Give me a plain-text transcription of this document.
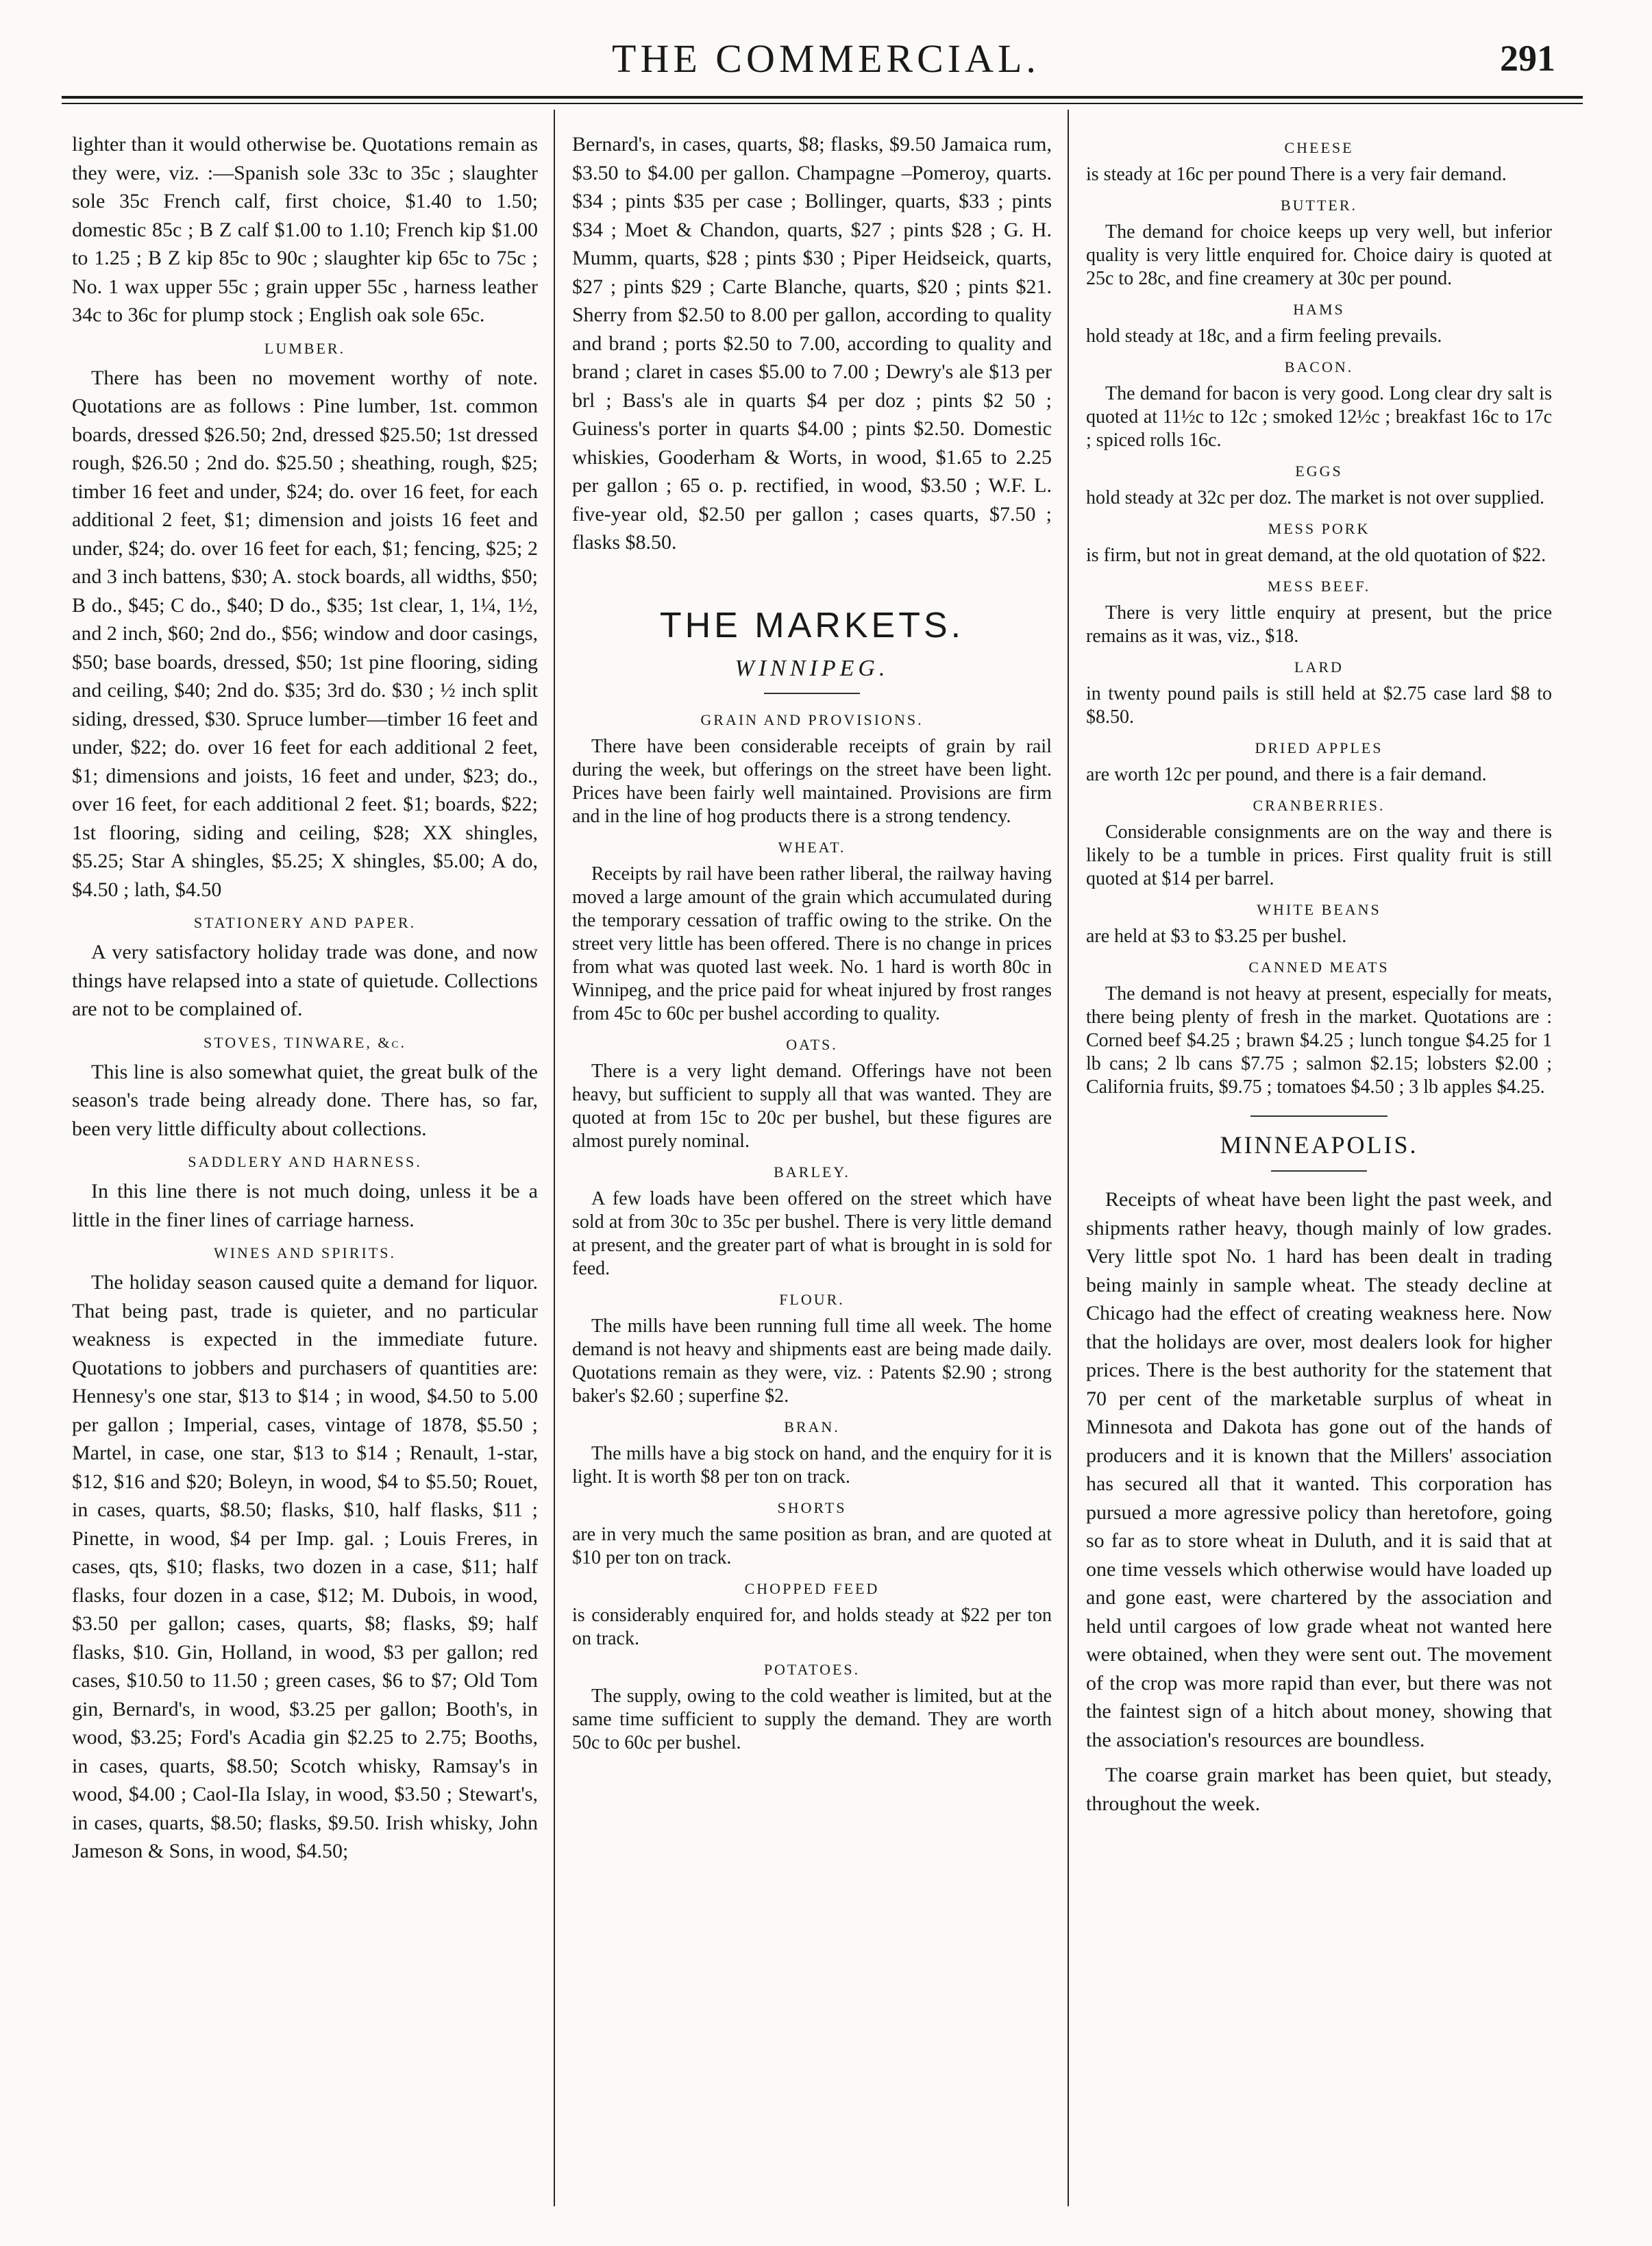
THE COMMERCIAL.	291

lighter than it would otherwise be. Quotations remain as they were, viz. :—Spanish sole 33c to 35c ; slaughter sole 35c French calf, first choice, $1.40 to 1.50; domestic 85c ; B Z calf $1.00 to 1.10; French kip $1.00 to 1.25 ; B Z kip 85c to 90c ; slaughter kip 65c to 75c ; No. 1 wax upper 55c ; grain upper 55c , harness leather 34c to 36c for plump stock ; English oak sole 65c.

LUMBER.

There has been no movement worthy of note. Quotations are as follows : Pine lumber, 1st. common boards, dressed $26.50; 2nd, dressed $25.50; 1st dressed rough, $26.50 ; 2nd do. $25.50 ; sheathing, rough, $25; timber 16 feet and under, $24; do. over 16 feet, for each additional 2 feet, $1; dimension and joists 16 feet and under, $24; do. over 16 feet for each, $1; fencing, $25; 2 and 3 inch battens, $30; A. stock boards, all widths, $50; B do., $45; C do., $40; D do., $35; 1st clear, 1, 1¼, 1½, and 2 inch, $60; 2nd do., $56; window and door casings, $50; base boards, dressed, $50; 1st pine flooring, siding and ceiling, $40; 2nd do. $35; 3rd do. $30 ; ½ inch split siding, dressed, $30. Spruce lumber—timber 16 feet and under, $22; do. over 16 feet for each additional 2 feet, $1; dimensions and joists, 16 feet and under, $23; do., over 16 feet, for each additional 2 feet. $1; boards, $22; 1st flooring, siding and ceiling, $28; XX shingles, $5.25; Star A shingles, $5.25; X shingles, $5.00; A do, $4.50 ; lath, $4.50

STATIONERY AND PAPER.

A very satisfactory holiday trade was done, and now things have relapsed into a state of quietude. Collections are not to be complained of.

STOVES, TINWARE, &c.

This line is also somewhat quiet, the great bulk of the season's trade being already done. There has, so far, been very little difficulty about collections.

SADDLERY AND HARNESS.

In this line there is not much doing, unless it be a little in the finer lines of carriage harness.

WINES AND SPIRITS.

The holiday season caused quite a demand for liquor. That being past, trade is quieter, and no particular weakness is expected in the immediate future. Quotations to jobbers and purchasers of quantities are: Hennesy's one star, $13 to $14 ; in wood, $4.50 to 5.00 per gallon ; Imperial, cases, vintage of 1878, $5.50 ; Martel, in case, one star, $13 to $14 ; Renault, 1-star, $12, $16 and $20; Boleyn, in wood, $4 to $5.50; Rouet, in cases, quarts, $8.50; flasks, $10, half flasks, $11 ; Pinette, in wood, $4 per Imp. gal. ; Louis Freres, in cases, qts, $10; flasks, two dozen in a case, $11; half flasks, four dozen in a case, $12; M. Dubois, in wood, $3.50 per gallon; cases, quarts, $8; flasks, $9; half flasks, $10. Gin, Holland, in wood, $3 per gallon; red cases, $10.50 to 11.50 ; green cases, $6 to $7; Old Tom gin, Bernard's, in wood, $3.25 per gallon; Booth's, in wood, $3.25; Ford's Acadia gin $2.25 to 2.75; Booths, in cases, quarts, $8.50; Scotch whisky, Ramsay's in wood, $4.00 ; Caol-Ila Islay, in wood, $3.50 ; Stewart's, in cases, quarts, $8.50; flasks, $9.50. Irish whisky, John Jameson & Sons, in wood, $4.50;

Bernard's, in cases, quarts, $8; flasks, $9.50 Jamaica rum, $3.50 to $4.00 per gallon. Champagne –Pomeroy, quarts. $34 ; pints $35 per case ; Bollinger, quarts, $33 ; pints $34 ; Moet & Chandon, quarts, $27 ; pints $28 ; G. H. Mumm, quarts, $28 ; pints $30 ; Piper Heidseick, quarts, $27 ; pints $29 ; Carte Blanche, quarts, $20 ; pints $21. Sherry from $2.50 to 8.00 per gallon, according to quality and brand ; ports $2.50 to 7.00, according to quality and brand ; claret in cases $5.00 to 7.00 ; Dewry's ale $13 per brl ; Bass's ale in quarts $4 per doz ; pints $2 50 ; Guiness's porter in quarts $4.00 ; pints $2.50. Domestic whiskies, Gooderham & Worts, in wood, $1.65 to 2.25 per gallon ; 65 o. p. rectified, in wood, $3.50 ; W.F. L. five-year old, $2.50 per gallon ; cases quarts, $7.50 ; flasks $8.50.

THE MARKETS.
WINNIPEG.
GRAIN AND PROVISIONS.

There have been considerable receipts of grain by rail during the week, but offerings on the street have been light. Prices have been fairly well maintained. Provisions are firm and in the line of hog products there is a strong tendency.

WHEAT.

Receipts by rail have been rather liberal, the railway having moved a large amount of the grain which accumulated during the temporary cessation of traffic owing to the strike. On the street very little has been offered. There is no change in prices from what was quoted last week. No. 1 hard is worth 80c in Winnipeg, and the price paid for wheat injured by frost ranges from 45c to 60c per bushel according to quality.

OATS.

There is a very light demand. Offerings have not been heavy, but sufficient to supply all that was wanted. They are quoted at from 15c to 20c per bushel, but these figures are almost purely nominal.

BARLEY.

A few loads have been offered on the street which have sold at from 30c to 35c per bushel. There is very little demand at present, and the greater part of what is brought in is sold for feed.

FLOUR.

The mills have been running full time all week. The home demand is not heavy and shipments east are being made daily. Quotations remain as they were, viz. : Patents $2.90 ; strong baker's $2.60 ; superfine $2.

BRAN.

The mills have a big stock on hand, and the enquiry for it is light. It is worth $8 per ton on track.

SHORTS

are in very much the same position as bran, and are quoted at $10 per ton on track.

CHOPPED FEED

is considerably enquired for, and holds steady at $22 per ton on track.

POTATOES.

The supply, owing to the cold weather is limited, but at the same time sufficient to supply the demand. They are worth 50c to 60c per bushel.

CHEESE

is steady at 16c per pound There is a very fair demand.

BUTTER.

The demand for choice keeps up very well, but inferior quality is very little enquired for. Choice dairy is quoted at 25c to 28c, and fine creamery at 30c per pound.

HAMS

hold steady at 18c, and a firm feeling prevails.

BACON.

The demand for bacon is very good. Long clear dry salt is quoted at 11½c to 12c ; smoked 12½c ; breakfast 16c to 17c ; spiced rolls 16c.

EGGS

hold steady at 32c per doz. The market is not over supplied.

MESS PORK

is firm, but not in great demand, at the old quotation of $22.

MESS BEEF.

There is very little enquiry at present, but the price remains as it was, viz., $18.

LARD

in twenty pound pails is still held at $2.75 case lard $8 to $8.50.

DRIED APPLES

are worth 12c per pound, and there is a fair demand.

CRANBERRIES.

Considerable consignments are on the way and there is likely to be a tumble in prices. First quality fruit is still quoted at $14 per barrel.

WHITE BEANS

are held at $3 to $3.25 per bushel.

CANNED MEATS

The demand is not heavy at present, especially for meats, there being plenty of fresh in the market. Quotations are : Corned beef $4.25 ; brawn $4.25 ; lunch tongue $4.25 for 1 lb cans; 2 lb cans $7.75 ; salmon $2.15; lobsters $2.00 ; California fruits, $9.75 ; tomatoes $4.50 ; 3 lb apples $4.25.

MINNEAPOLIS.

Receipts of wheat have been light the past week, and shipments rather heavy, though mainly of low grades. Very little spot No. 1 hard has been dealt in trading being mainly in sample wheat. The steady decline at Chicago had the effect of creating weakness here. Now that the holidays are over, most dealers look for higher prices. There is the best authority for the statement that 70 per cent of the marketable surplus of wheat in Minnesota and Dakota has gone out of the hands of producers and it is known that the Millers' association has secured all that it wanted. This corporation has pursued a more agressive policy than heretofore, going so far as to store wheat in Duluth, and it is said that at one time vessels which otherwise would have loaded up and gone east, were chartered by the association and held until cargoes of low grade wheat not wanted here were obtained, when they were sent out. The movement of the crop was more rapid than ever, but there was not the faintest sign of a hitch about money, showing that the association's resources are boundless.

The coarse grain market has been quiet, but steady, throughout the week.
